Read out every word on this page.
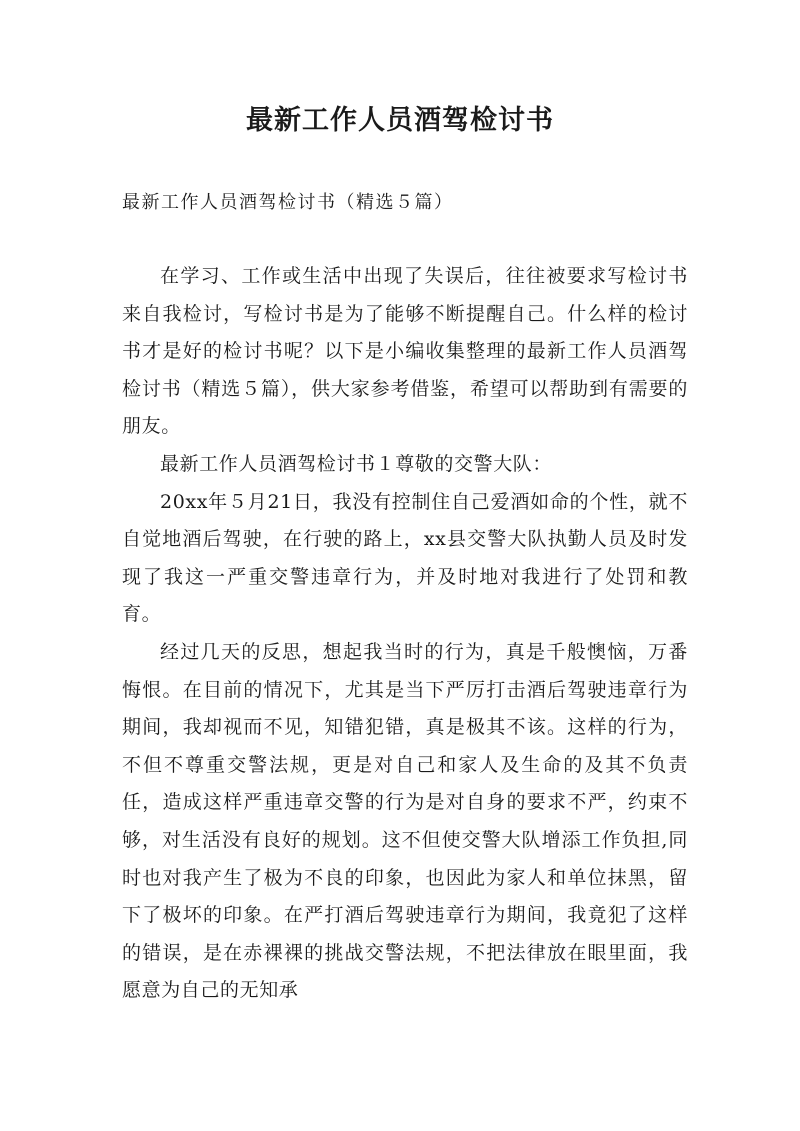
最新工作人员酒驾检讨书
最新工作人员酒驾检讨书（精选５篇）

在学习、工作或生活中出现了失误后，往往被要求写检讨书来自我检讨，写检讨书是为了能够不断提醒自己。什么样的检讨书才是好的检讨书呢？以下是小编收集整理的最新工作人员酒驾检讨书（精选５篇），供大家参考借鉴，希望可以帮助到有需要的朋友。

最新工作人员酒驾检讨书１尊敬的交警大队：

20xx年５月21日，我没有控制住自己爱酒如命的个性，就不自觉地酒后驾驶，在行驶的路上，xx县交警大队执勤人员及时发现了我这一严重交警违章行为，并及时地对我进行了处罚和教育。

经过几天的反思，想起我当时的行为，真是千般懊恼，万番悔恨。在目前的情况下，尤其是当下严厉打击酒后驾驶违章行为期间，我却视而不见，知错犯错，真是极其不该。这样的行为，不但不尊重交警法规，更是对自己和家人及生命的及其不负责任，造成这样严重违章交警的行为是对自身的要求不严，约束不够，对生活没有良好的规划。这不但使交警大队增添工作负担,同时也对我产生了极为不良的印象，也因此为家人和单位抹黑，留下了极坏的印象。在严打酒后驾驶违章行为期间，我竟犯了这样的错误，是在赤裸裸的挑战交警法规，不把法律放在眼里面，我愿意为自己的无知承
